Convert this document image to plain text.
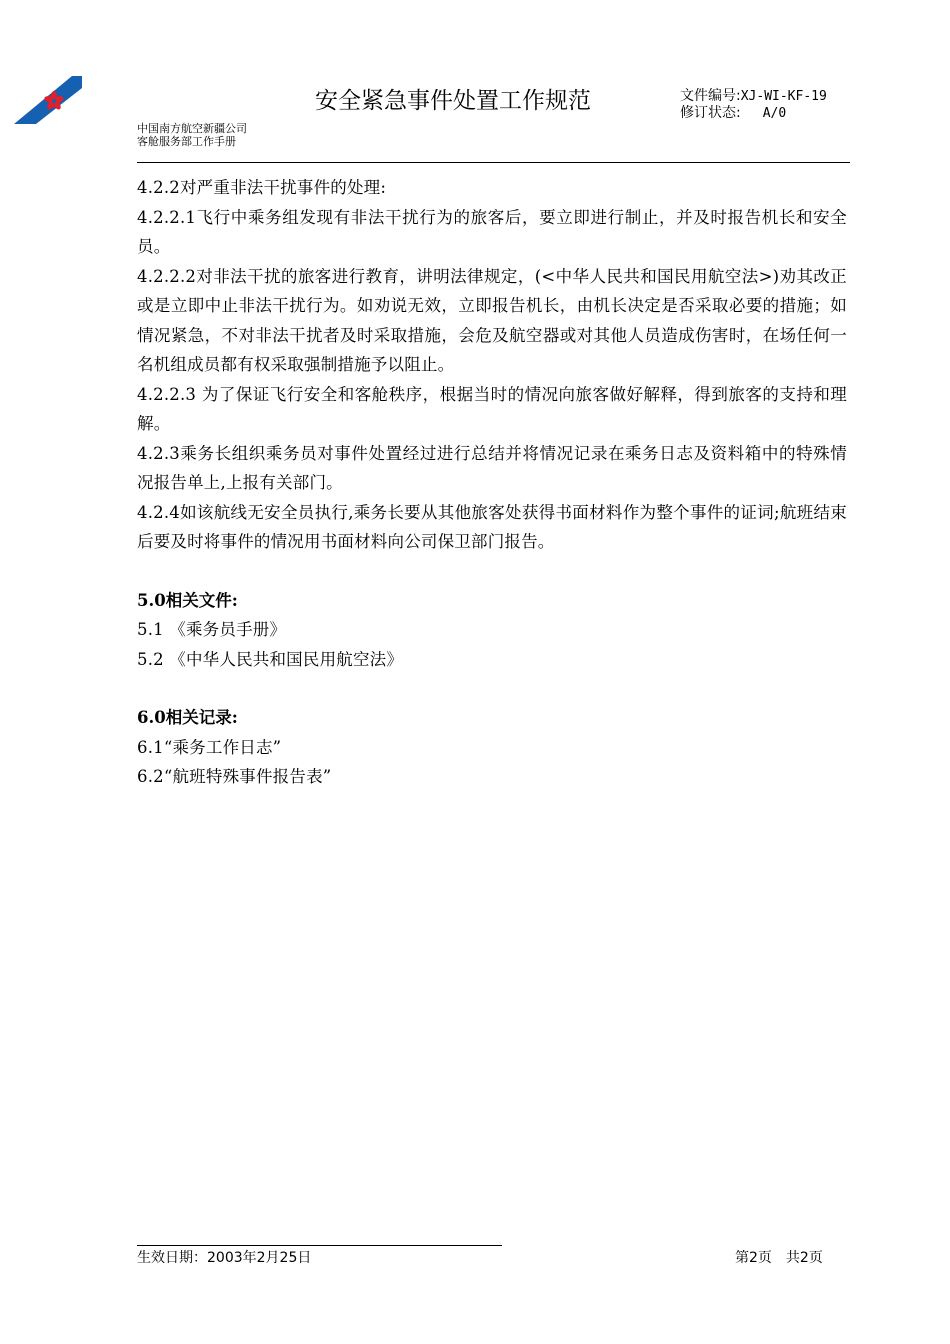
中国南方航空新疆公司
客舱服务部工作手册
安全紧急事件处置工作规范	文件编号:XJ-WI-KF-19
修订状态: A/0

4.2.2对严重非法干扰事件的处理:

4.2.2.1飞行中乘务组发现有非法干扰行为的旅客后，要立即进行制止，并及时报告机长和安全员。

4.2.2.2对非法干扰的旅客进行教育，讲明法律规定，(<中华人民共和国民用航空法>)劝其改正或是立即中止非法干扰行为。如劝说无效，立即报告机长，由机长决定是否采取必要的措施；如情况紧急，不对非法干扰者及时采取措施，会危及航空器或对其他人员造成伤害时，在场任何一名机组成员都有权采取强制措施予以阻止。

4.2.2.3 为了保证飞行安全和客舱秩序，根据当时的情况向旅客做好解释，得到旅客的支持和理解。

4.2.3乘务长组织乘务员对事件处置经过进行总结并将情况记录在乘务日志及资料箱中的特殊情况报告单上,上报有关部门。

4.2.4如该航线无安全员执行,乘务长要从其他旅客处获得书面材料作为整个事件的证词;航班结束后要及时将事件的情况用书面材料向公司保卫部门报告。

5.0相关文件:

5.1 《乘务员手册》

5.2 《中华人民共和国民用航空法》

6.0相关记录:

6.1“乘务工作日志”

6.2“航班特殊事件报告表”

生效日期：2003年2月25日	第2页 共2页
